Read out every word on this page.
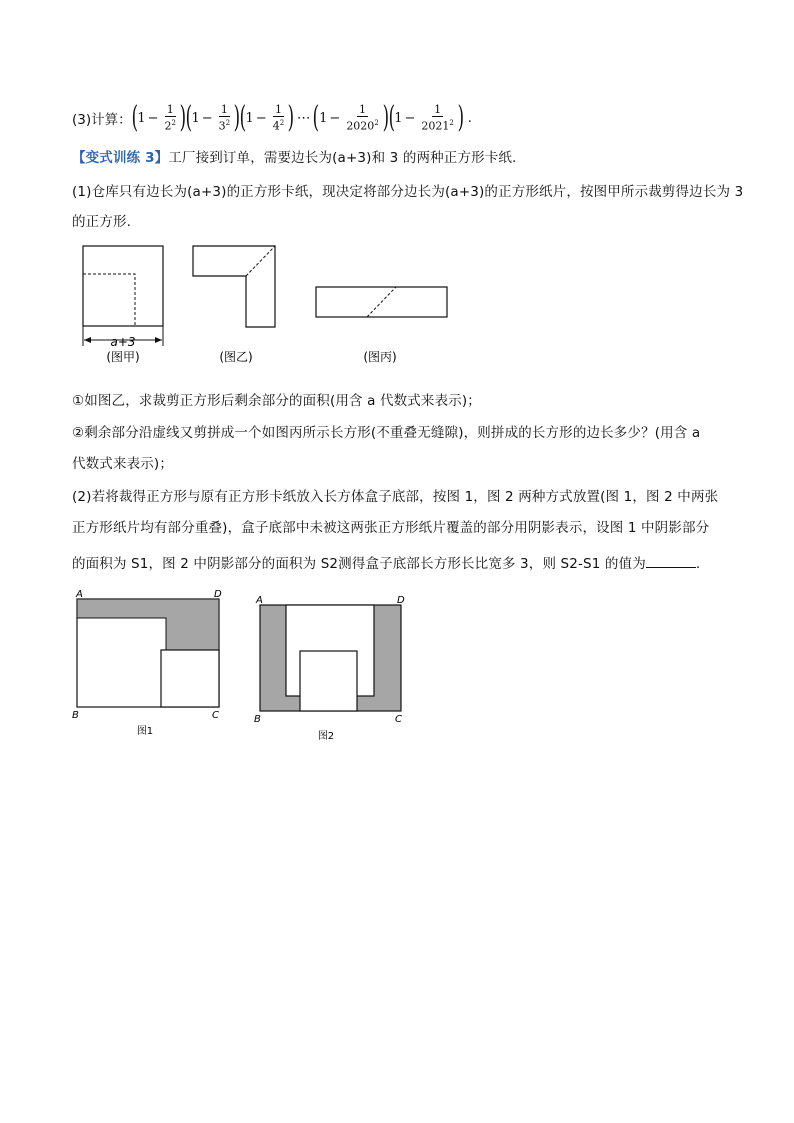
(3)计算： ( $1 - \frac{1}{2^2}$ ) ( $1 - \frac{1}{3^2}$ ) ( $1 - \frac{1}{4^2}$ ) ⋯ ( $1 - \frac{1}{2020^2}$ ) ( $1 - \frac{1}{2021^2}$ ) .
【变式训练 3】工厂接到订单，需要边长为(a+3)和 3 的两种正方形卡纸.
(1)仓库只有边长为(a+3)的正方形卡纸，现决定将部分边长为(a+3)的正方形纸片，按图甲所示裁剪得边长为 3
的正方形.
a+3
(图甲)	(图乙)	(图丙)
①如图乙，求裁剪正方形后剩余部分的面积(用含 a 代数式来表示)；
②剩余部分沿虚线又剪拼成一个如图丙所示长方形(不重叠无缝隙)，则拼成的长方形的边长多少？(用含 a
代数式来表示)；
(2)若将裁得正方形与原有正方形卡纸放入长方体盒子底部，按图 1，图 2 两种方式放置(图 1，图 2 中两张
正方形纸片均有部分重叠)，盒子底部中未被这两张正方形纸片覆盖的部分用阴影表示，设图 1 中阴影部分
的面积为 S1，图 2 中阴影部分的面积为 S2测得盒子底部长方形长比宽多 3，则 S2-S1 的值为	.
A	D
B	C
图1
A	D
B	C
图2
